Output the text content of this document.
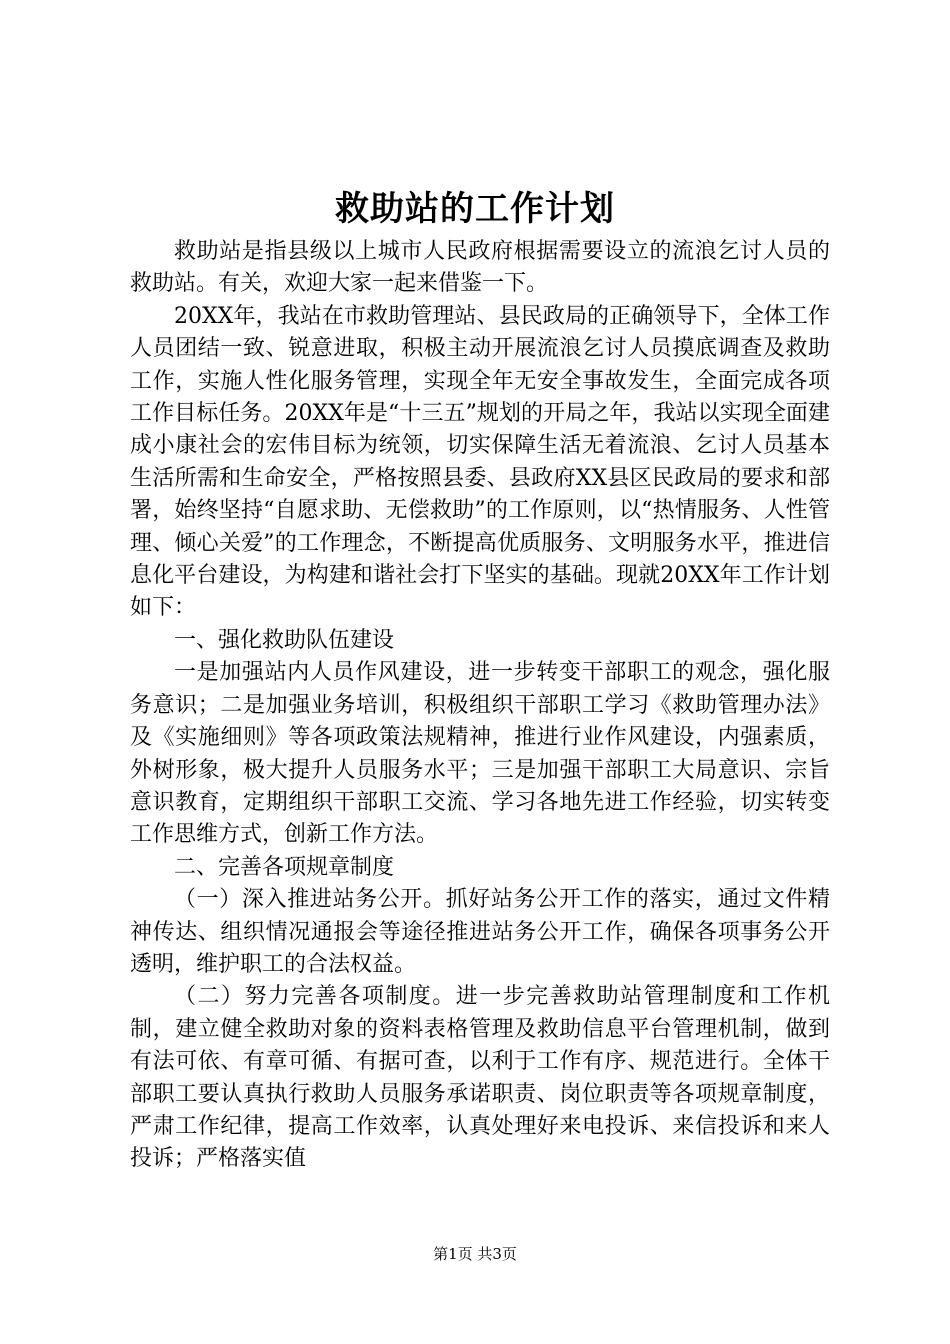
救助站的工作计划

救助站是指县级以上城市人民政府根据需要设立的流浪乞讨人员的救助站。有关，欢迎大家一起来借鉴一下。

20XX年，我站在市救助管理站、县民政局的正确领导下，全体工作人员团结一致、锐意进取，积极主动开展流浪乞讨人员摸底调查及救助工作，实施人性化服务管理，实现全年无安全事故发生，全面完成各项工作目标任务。20XX年是“十三五”规划的开局之年，我站以实现全面建成小康社会的宏伟目标为统领，切实保障生活无着流浪、乞讨人员基本生活所需和生命安全，严格按照县委、县政府XX县区民政局的要求和部署，始终坚持“自愿求助、无偿救助”的工作原则，以“热情服务、人性管理、倾心关爱”的工作理念，不断提高优质服务、文明服务水平，推进信息化平台建设，为构建和谐社会打下坚实的基础。现就20XX年工作计划如下：

一、强化救助队伍建设

一是加强站内人员作风建设，进一步转变干部职工的观念，强化服务意识；二是加强业务培训，积极组织干部职工学习《救助管理办法》及《实施细则》等各项政策法规精神，推进行业作风建设，内强素质，外树形象，极大提升人员服务水平；三是加强干部职工大局意识、宗旨意识教育，定期组织干部职工交流、学习各地先进工作经验，切实转变工作思维方式，创新工作方法。

二、完善各项规章制度

（一）深入推进站务公开。抓好站务公开工作的落实，通过文件精神传达、组织情况通报会等途径推进站务公开工作，确保各项事务公开透明，维护职工的合法权益。

（二）努力完善各项制度。进一步完善救助站管理制度和工作机制，建立健全救助对象的资料表格管理及救助信息平台管理机制，做到有法可依、有章可循、有据可查，以利于工作有序、规范进行。全体干部职工要认真执行救助人员服务承诺职责、岗位职责等各项规章制度，严肃工作纪律，提高工作效率，认真处理好来电投诉、来信投诉和来人投诉；严格落实值

第1页 共3页
